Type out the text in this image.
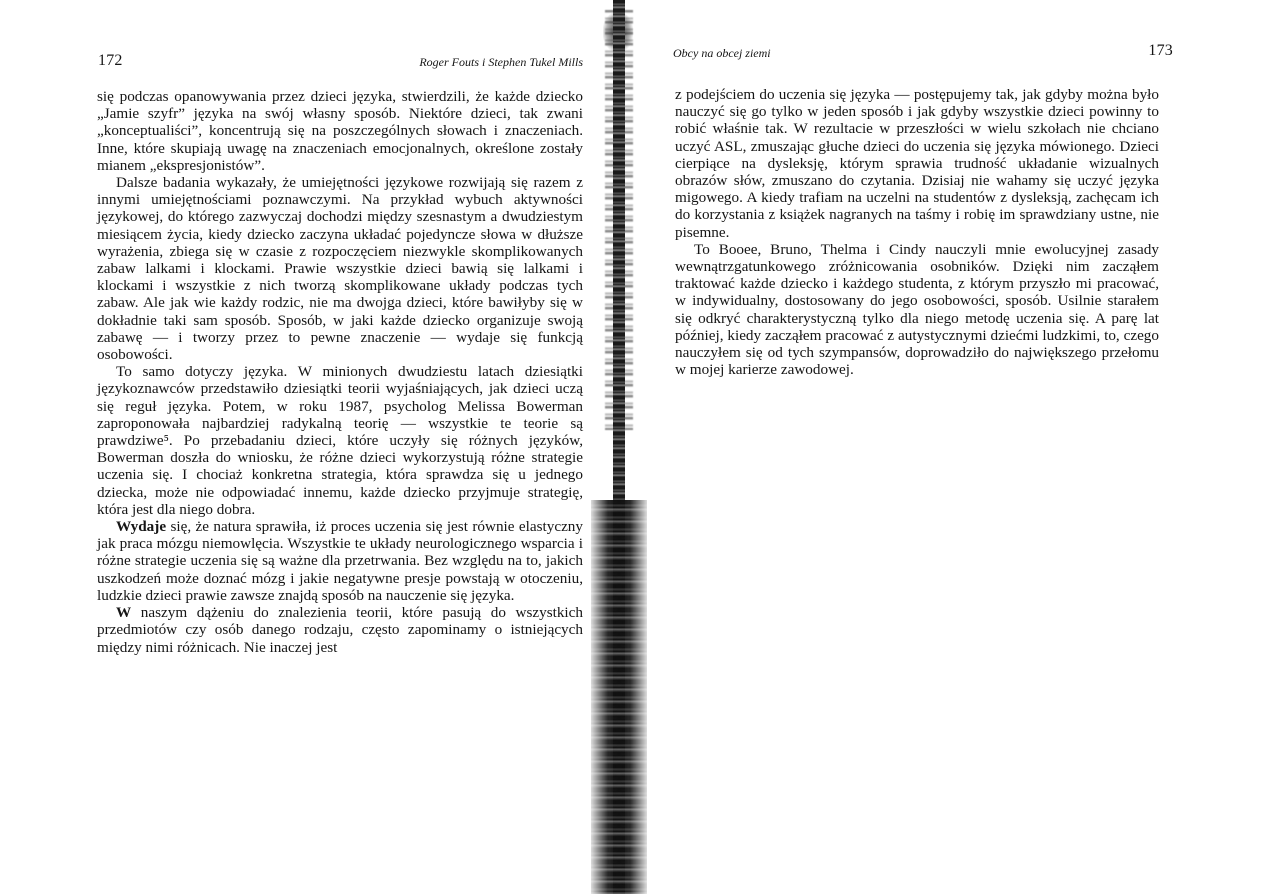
172	Roger Fouts i Stephen Tukel Mills

się podczas opanowywania przez dzieci języka, stwierdzili, że każde dziecko „Jamie szyfr” języka na swój własny sposób. Niektóre dzieci, tak zwani „konceptualiści”, koncentrują się na poszczególnych słowach i znaczeniach. Inne, które skupiają uwagę na znaczeniach emocjonalnych, określone zostały mianem „ekspresjonistów”.

Dalsze badania wykazały, że umiejętności językowe rozwijają się razem z innymi umiejętnościami poznawczymi. Na przykład wybuch aktywności językowej, do którego zazwyczaj dochodzi między szesnastym a dwudziestym miesiącem życia, kiedy dziecko zaczyna układać pojedyncze słowa w dłuższe wyrażenia, zbiega się w czasie z rozpoczęciem niezwykle skomplikowanych zabaw lalkami i klockami. Prawie wszystkie dzieci bawią się lalkami i klockami i wszystkie z nich tworzą skomplikowane układy podczas tych zabaw. Ale jak wie każdy rodzic, nie ma dwojga dzieci, które bawiłyby się w dokładnie taki sam sposób. Sposób, w jaki każde dziecko organizuje swoją zabawę — i tworzy przez to pewne znaczenie — wydaje się funkcją osobowości.

To samo dotyczy języka. W minionych dwudziestu latach dziesiątki językoznawców przedstawiło dziesiątki teorii wyjaśniających, jak dzieci uczą się reguł języka. Potem, w roku 1987, psycholog Melissa Bowerman zaproponowała najbardziej radykalną teorię — wszystkie te teorie są prawdziwe⁵. Po przebadaniu dzieci, które uczyły się różnych języków, Bowerman doszła do wniosku, że różne dzieci wykorzystują różne strategie uczenia się. I chociaż konkretna strategia, która sprawdza się u jednego dziecka, może nie odpowiadać innemu, każde dziecko przyjmuje strategię, która jest dla niego dobra.

Wydaje się, że natura sprawiła, iż proces uczenia się jest równie elastyczny jak praca mózgu niemowlęcia. Wszystkie te układy neurologicznego wsparcia i różne strategie uczenia się są ważne dla przetrwania. Bez względu na to, jakich uszkodzeń może doznać mózg i jakie negatywne presje powstają w otoczeniu, ludzkie dzieci prawie zawsze znajdą sposób na nauczenie się języka.

W naszym dążeniu do znalezienia teorii, które pasują do wszystkich przedmiotów czy osób danego rodzaju, często zapominamy o istniejących między nimi różnicach. Nie inaczej jest

Obcy na obcej ziemi	173

z podejściem do uczenia się języka — postępujemy tak, jak gdyby można było nauczyć się go tylko w jeden sposób i jak gdyby wszystkie dzieci powinny to robić właśnie tak. W rezultacie w przeszłości w wielu szkołach nie chciano uczyć ASL, zmuszając głuche dzieci do uczenia się języka mówionego. Dzieci cierpiące na dysleksję, którym sprawia trudność układanie wizualnych obrazów słów, zmuszano do czytania. Dzisiaj nie wahamy się uczyć języka migowego. A kiedy trafiam na uczelni na studentów z dysleksją, zachęcam ich do korzystania z książek nagranych na taśmy i robię im sprawdziany ustne, nie pisemne.

To Booee, Bruno, Thelma i Cindy nauczyli mnie ewolucyjnej zasady wewnątrzgatunkowego zróżnicowania osobników. Dzięki nim zacząłem traktować każde dziecko i każdego studenta, z którym przyszło mi pracować, w indywidualny, dostosowany do jego osobowości, sposób. Usilnie starałem się odkryć charakterystyczną tylko dla niego metodę uczenia się. A parę lat później, kiedy zacząłem pracować z autystycznymi dziećmi ludzkimi, to, czego nauczyłem się od tych szympansów, doprowadziło do największego przełomu w mojej karierze zawodowej.
